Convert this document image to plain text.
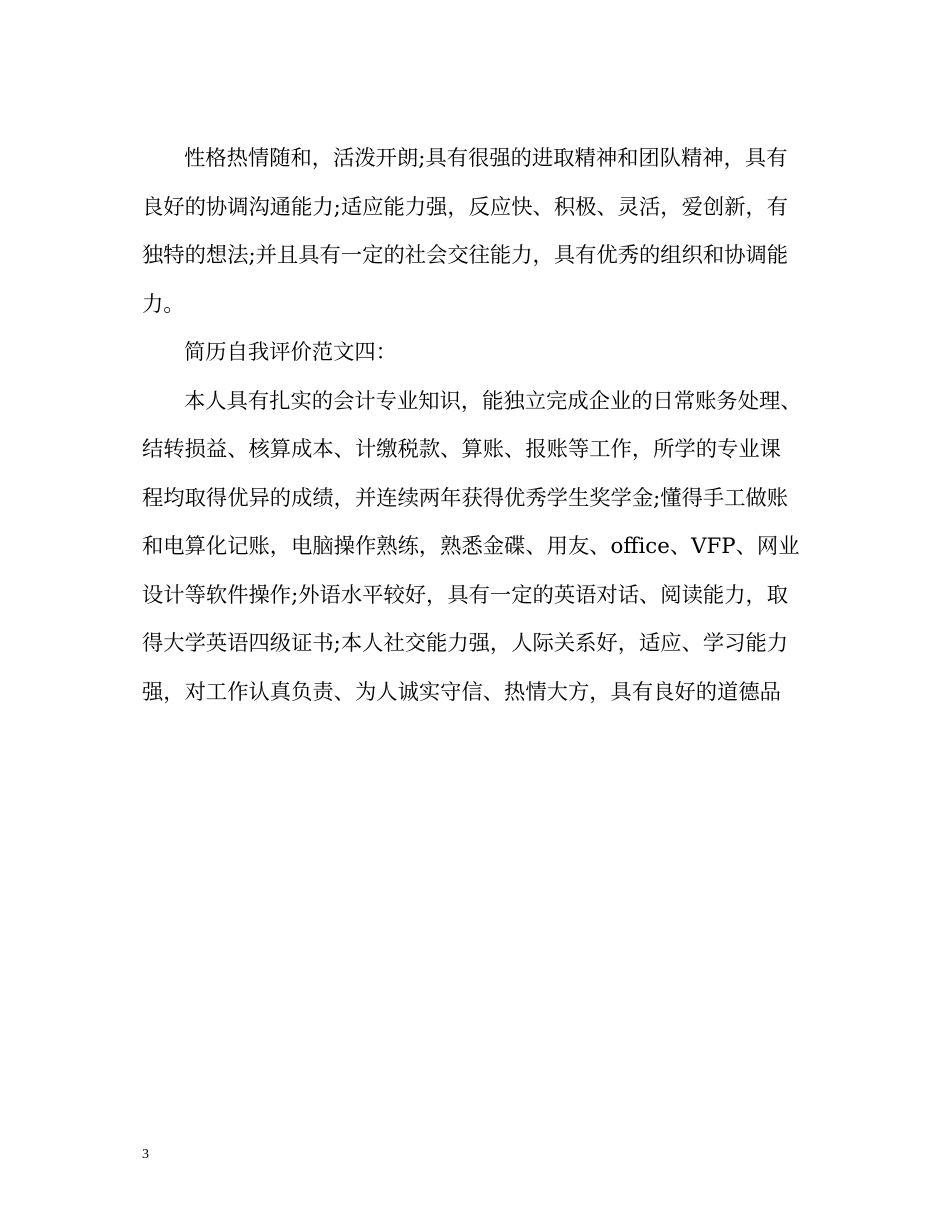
性格热情随和，活泼开朗;具有很强的进取精神和团队精神，具有
良好的协调沟通能力;适应能力强，反应快、积极、灵活，爱创新，有
独特的想法;并且具有一定的社会交往能力，具有优秀的组织和协调能
力。

简历自我评价范文四：

本人具有扎实的会计专业知识，能独立完成企业的日常账务处理、
结转损益、核算成本、计缴税款、算账、报账等工作，所学的专业课
程均取得优异的成绩，并连续两年获得优秀学生奖学金;懂得手工做账
和电算化记账，电脑操作熟练，熟悉金碟、用友、office、VFP、网业
设计等软件操作;外语水平较好，具有一定的英语对话、阅读能力，取
得大学英语四级证书;本人社交能力强，人际关系好，适应、学习能力
强，对工作认真负责、为人诚实守信、热情大方，具有良好的道德品

3
